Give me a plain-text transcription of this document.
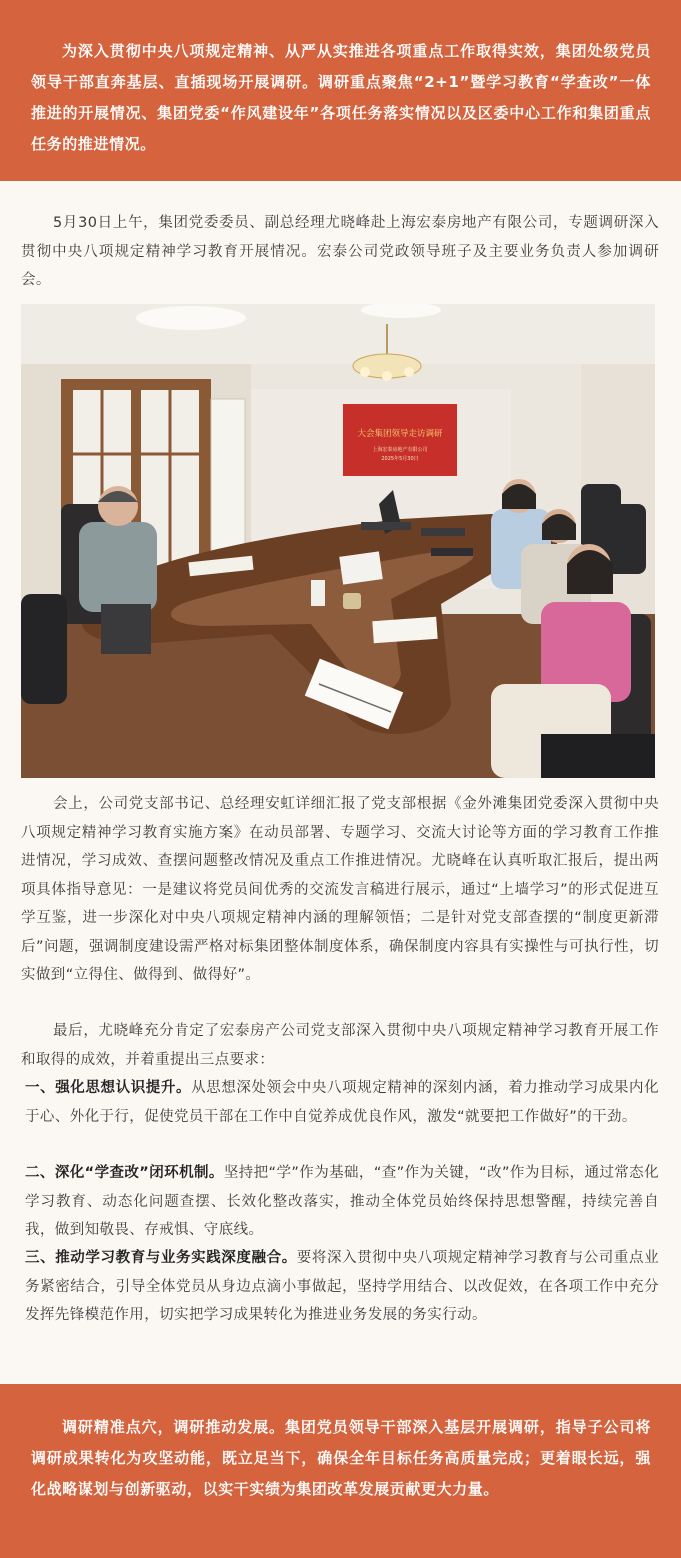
为深入贯彻中央八项规定精神、从严从实推进各项重点工作取得实效，集团处级党员领导干部直奔基层、直插现场开展调研。调研重点聚焦“2+1”暨学习教育“学查改”一体推进的开展情况、集团党委“作风建设年”各项任务落实情况以及区委中心工作和集团重点任务的推进情况。

5月30日上午，集团党委委员、副总经理尤晓峰赴上海宏泰房地产有限公司，专题调研深入贯彻中央八项规定精神学习教育开展情况。宏泰公司党政领导班子及主要业务负责人参加调研会。

大会集团领导走访调研
上海宏泰房地产有限公司
2025年5月30日

会上，公司党支部书记、总经理安虹详细汇报了党支部根据《金外滩集团党委深入贯彻中央八项规定精神学习教育实施方案》在动员部署、专题学习、交流大讨论等方面的学习教育工作推进情况，学习成效、查摆问题整改情况及重点工作推进情况。尤晓峰在认真听取汇报后，提出两项具体指导意见：一是建议将党员间优秀的交流发言稿进行展示，通过“上墙学习”的形式促进互学互鉴，进一步深化对中央八项规定精神内涵的理解领悟；二是针对党支部查摆的“制度更新滞后”问题，强调制度建设需严格对标集团整体制度体系，确保制度内容具有实操性与可执行性，切实做到“立得住、做得到、做得好”。

最后，尤晓峰充分肯定了宏泰房产公司党支部深入贯彻中央八项规定精神学习教育开展工作和取得的成效，并着重提出三点要求：

一、强化思想认识提升。从思想深处领会中央八项规定精神的深刻内涵，着力推动学习成果内化于心、外化于行，促使党员干部在工作中自觉养成优良作风，激发“就要把工作做好”的干劲。

二、深化“学查改”闭环机制。坚持把“学”作为基础，“查”作为关键，“改”作为目标，通过常态化学习教育、动态化问题查摆、长效化整改落实，推动全体党员始终保持思想警醒，持续完善自我，做到知敬畏、存戒惧、守底线。

三、推动学习教育与业务实践深度融合。要将深入贯彻中央八项规定精神学习教育与公司重点业务紧密结合，引导全体党员从身边点滴小事做起，坚持学用结合、以改促效，在各项工作中充分发挥先锋模范作用，切实把学习成果转化为推进业务发展的务实行动。

调研精准点穴，调研推动发展。集团党员领导干部深入基层开展调研，指导子公司将调研成果转化为攻坚动能，既立足当下，确保全年目标任务高质量完成；更着眼长远，强化战略谋划与创新驱动，以实干实绩为集团改革发展贡献更大力量。
